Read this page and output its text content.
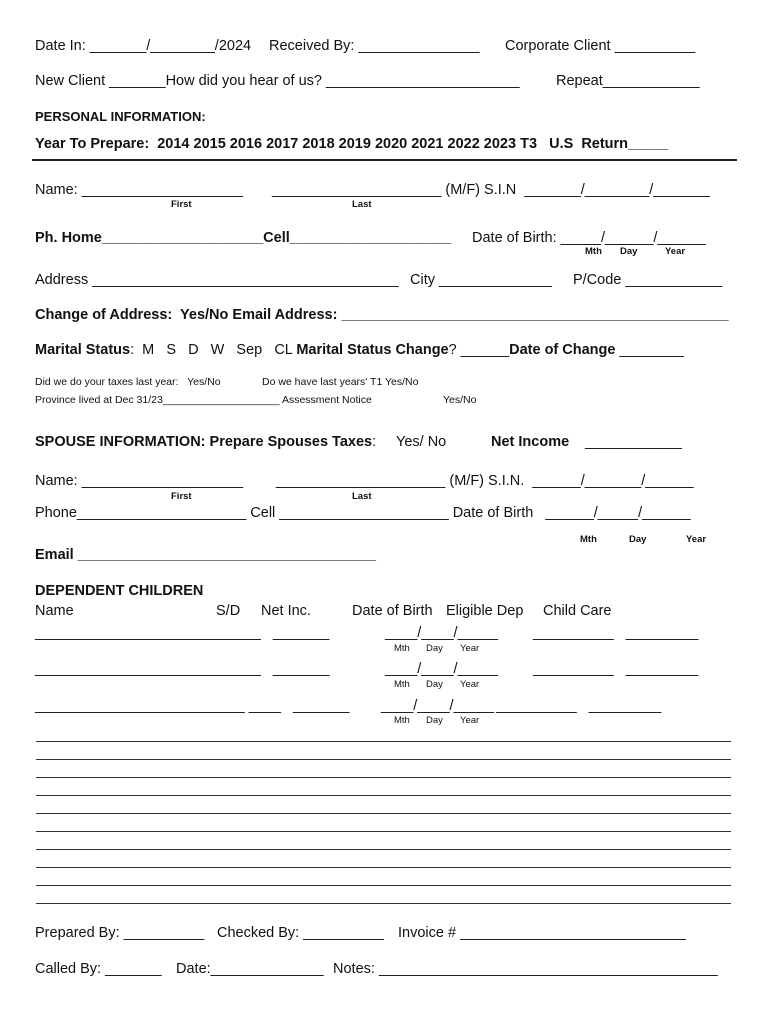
Date In: _______/________/2024 Received By: _______________ Corporate Client __________
New Client _______How did you hear of us? ________________________	Repeat____________
PERSONAL INFORMATION:
Year To Prepare:  2014 2015 2016 2017 2018 2019 2020 2021 2022 2023 T3   U.S  Return_____
Name: ____________________ _____________________ (M/F) S.I.N  _______/________/_______
First	Last
Ph. Home____________________Cell____________________ Date of Birth: _____/______/______
Mth Day	Year
Address ______________________________________ City ______________ P/Code ____________
Change of Address:  Yes/No Email Address: ________________________________________________
Marital Status:  M   S   D   W   Sep   CL Marital Status Change? ______Date of Change ________
Did we do your taxes last year:   Yes/No	Do we have last years' T1 Yes/No
Province lived at Dec 31/23____________________ Assessment Notice	Yes/No
SPOUSE INFORMATION: Prepare Spouses Taxes:     Yes/ No	Net Income ____________
Name: ____________________ _____________________ (M/F) S.I.N.  ______/_______/______
First	Last
Phone_____________________ Cell _____________________ Date of Birth   ______/_____/______
Mth	Day	Year
Email _____________________________________
DEPENDENT CHILDREN
Name	S/D Net Inc.	Date of Birth Eligible Dep Child Care
____________________________   _______	____/____/_____ __________   _________
Mth Day Year
____________________________   _______	____/____/_____ __________   _________
Mth Day Year
__________________________ ____   _______ ____/____/_____ __________   _________
Mth Day Year
Prepared By: __________ Checked By: __________ Invoice # ____________________________
Called By: _______ Date:______________ Notes: __________________________________________
